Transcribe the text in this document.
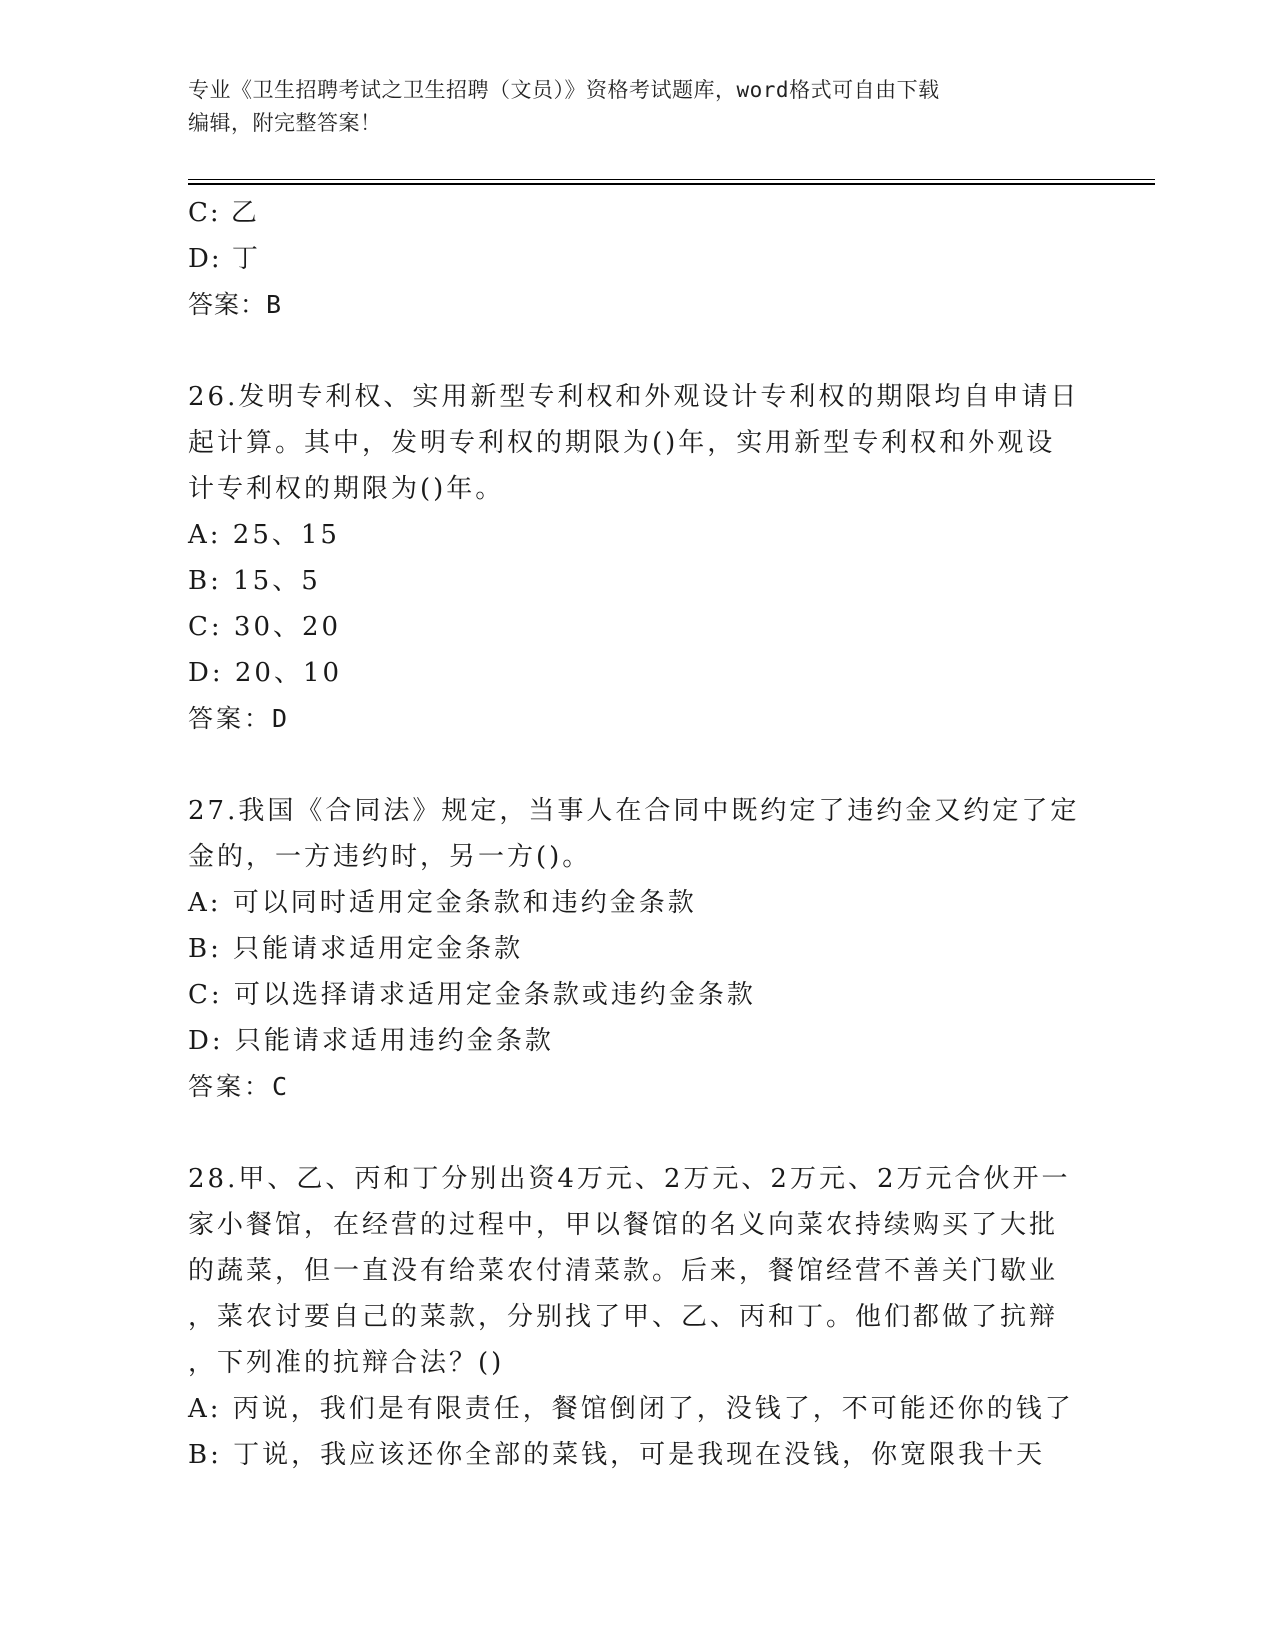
专业《卫生招聘考试之卫生招聘（文员）》资格考试题库，word格式可自由下载
编辑，附完整答案！
C: 乙
D: 丁
答案：B
26.发明专利权、实用新型专利权和外观设计专利权的期限均自申请日
起计算。其中，发明专利权的期限为()年，实用新型专利权和外观设
计专利权的期限为()年。
A: 25、15
B: 15、5
C: 30、20
D: 20、10
答案：D
27.我国《合同法》规定，当事人在合同中既约定了违约金又约定了定
金的，一方违约时，另一方()。
A: 可以同时适用定金条款和违约金条款
B: 只能请求适用定金条款
C: 可以选择请求适用定金条款或违约金条款
D: 只能请求适用违约金条款
答案：C
28.甲、乙、丙和丁分别出资4万元、2万元、2万元、2万元合伙开一
家小餐馆，在经营的过程中，甲以餐馆的名义向菜农持续购买了大批
的蔬菜，但一直没有给菜农付清菜款。后来，餐馆经营不善关门歇业
，菜农讨要自己的菜款，分别找了甲、乙、丙和丁。他们都做了抗辩
，下列准的抗辩合法？()
A: 丙说，我们是有限责任，餐馆倒闭了，没钱了，不可能还你的钱了
B: 丁说，我应该还你全部的菜钱，可是我现在没钱，你宽限我十天
